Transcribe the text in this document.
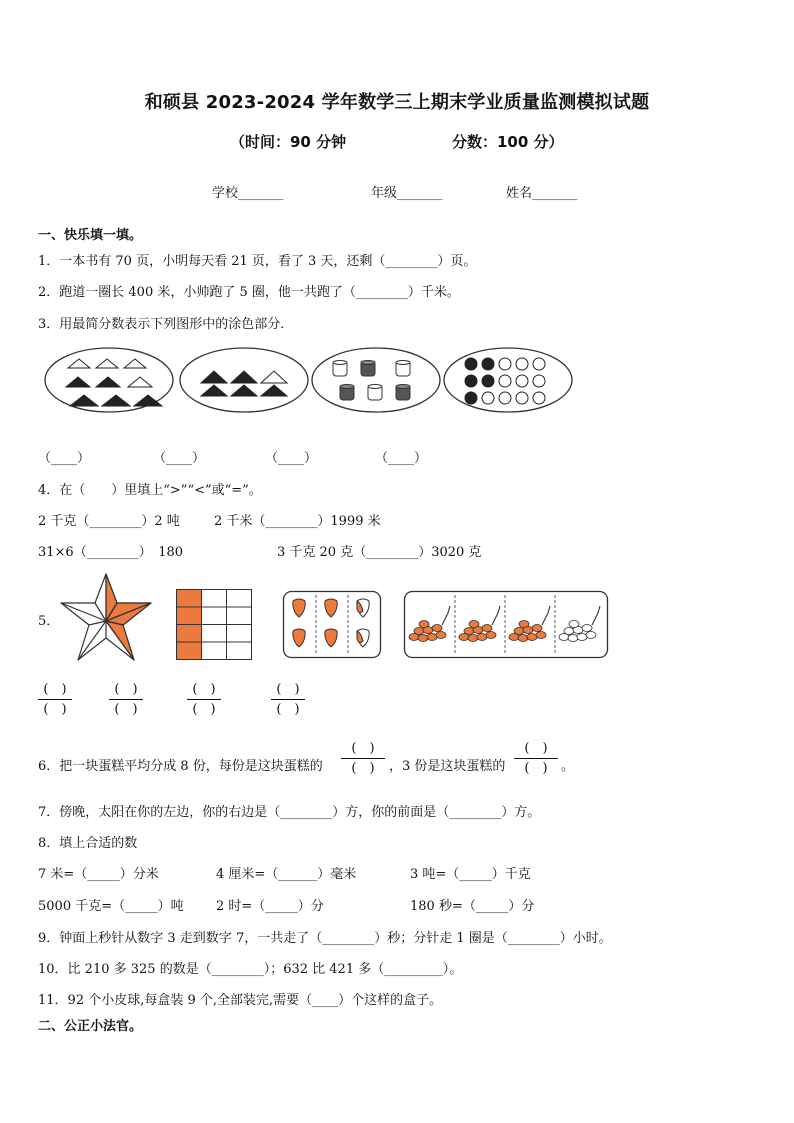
和硕县 2023-2024 学年数学三上期末学业质量监测模拟试题
（时间：90 分钟	分数：100 分）
学校_______	年级_______	姓名_______
一、快乐填一填。
1．一本书有 70 页，小明每天看 21 页，看了 3 天，还剩（________）页。
2．跑道一圈长 400 米，小帅跑了 5 圈，他一共跑了（________）千米。
3．用最简分数表示下列图形中的涂色部分．
（____）	（____）	（____）	（____）
4．在（　　）里填上“>”“<”或“=”。
2 千克（________）2 吨	2 千米（________）1999 米
31×6（________）　180	3 千克 20 克（________）3020 克
5．
(　)
(　)
(　)
(　)
(　)
(　)
(　)
(　)
6．把一块蛋糕平均分成 8 份，每份是这块蛋糕的
(　)
(　)	，3 份是这块蛋糕的
(　)
(　)	。
7．傍晚，太阳在你的左边，你的右边是（________）方，你的前面是（________）方。
8．填上合适的数
7 米=（_____）分米	4 厘米=（______）毫米	3 吨=（_____）千克
5000 千克=（_____）吨 2 时=（_____）分	180 秒=（_____）分
9．钟面上秒针从数字 3 走到数字 7，一共走了（________）秒；分针走 1 圈是（________）小时。
10．比 210 多 325 的数是（________）；632 比 421 多（_________）。
11．92 个小皮球,每盒装 9 个,全部装完,需要（____）个这样的盒子。
二、公正小法官。
